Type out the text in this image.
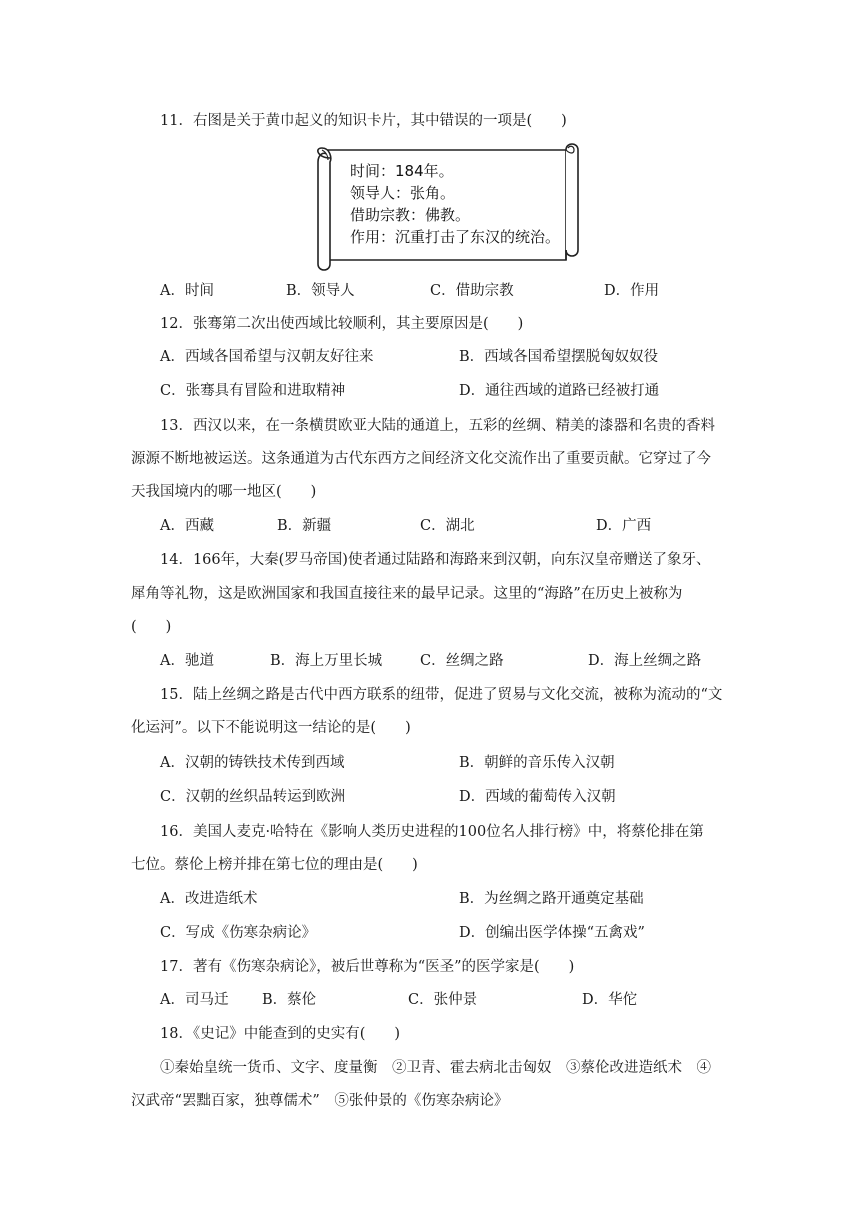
11．右图是关于黄巾起义的知识卡片，其中错误的一项是(　　)
时间：184年。
领导人：张角。
借助宗教：佛教。
作用：沉重打击了东汉的统治。
A．时间	B．领导人	C．借助宗教	D．作用
12．张骞第二次出使西域比较顺利，其主要原因是(　　)
A．西域各国希望与汉朝友好往来	B．西域各国希望摆脱匈奴奴役
C．张骞具有冒险和进取精神	D．通往西域的道路已经被打通
13．西汉以来，在一条横贯欧亚大陆的通道上，五彩的丝绸、精美的漆器和名贵的香料
源源不断地被运送。这条通道为古代东西方之间经济文化交流作出了重要贡献。它穿过了今
天我国境内的哪一地区(　　)
A．西藏	B．新疆	C．湖北	D．广西
14．166年，大秦(罗马帝国)使者通过陆路和海路来到汉朝，向东汉皇帝赠送了象牙、
犀角等礼物，这是欧洲国家和我国直接往来的最早记录。这里的“海路”在历史上被称为
(　　)
A．驰道	B．海上万里长城	C．丝绸之路	D．海上丝绸之路
15．陆上丝绸之路是古代中西方联系的纽带，促进了贸易与文化交流，被称为流动的“文
化运河”。以下不能说明这一结论的是(　　)
A．汉朝的铸铁技术传到西域	B．朝鲜的音乐传入汉朝
C．汉朝的丝织品转运到欧洲	D．西域的葡萄传入汉朝
16．美国人麦克·哈特在《影响人类历史进程的100位名人排行榜》中，将蔡伦排在第
七位。蔡伦上榜并排在第七位的理由是(　　)
A．改进造纸术	B．为丝绸之路开通奠定基础
C．写成《伤寒杂病论》	D．创编出医学体操“五禽戏”
17．著有《伤寒杂病论》，被后世尊称为“医圣”的医学家是(　　)
A．司马迁 B．蔡伦	C．张仲景	D．华佗
18．《史记》中能查到的史实有(　　)
①秦始皇统一货币、文字、度量衡　②卫青、霍去病北击匈奴　③蔡伦改进造纸术　④
汉武帝“罢黜百家，独尊儒术”　⑤张仲景的《伤寒杂病论》
